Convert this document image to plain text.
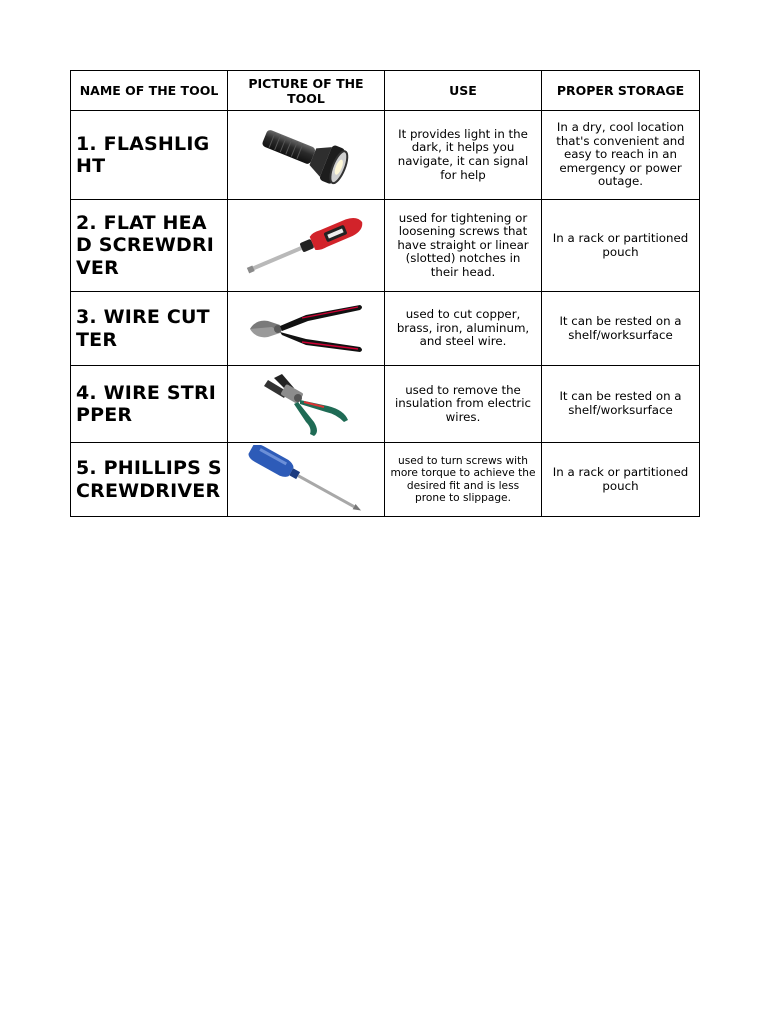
NAME OF THE TOOL	PICTURE OF THE TOOL	USE	PROPER STORAGE
1. FLASHLIGHT		It provides light in the dark, it helps you navigate, it can signal for help	In a dry, cool location that's convenient and easy to reach in an emergency or power outage.
2. FLAT HEAD SCREWDRIVER		used for tightening or loosening screws that have straight or linear (slotted) notches in their head.	In a rack or partitioned pouch
3. WIRE CUTTER		used to cut copper, brass, iron, aluminum, and steel wire.	It can be rested on a shelf/worksurface
4. WIRE STRIPPER		used to remove the insulation from electric wires.	It can be rested on a shelf/worksurface
5. PHILLIPS SCREWDRIVER		used to turn screws with more torque to achieve the desired fit and is less prone to slippage.	In a rack or partitioned pouch
